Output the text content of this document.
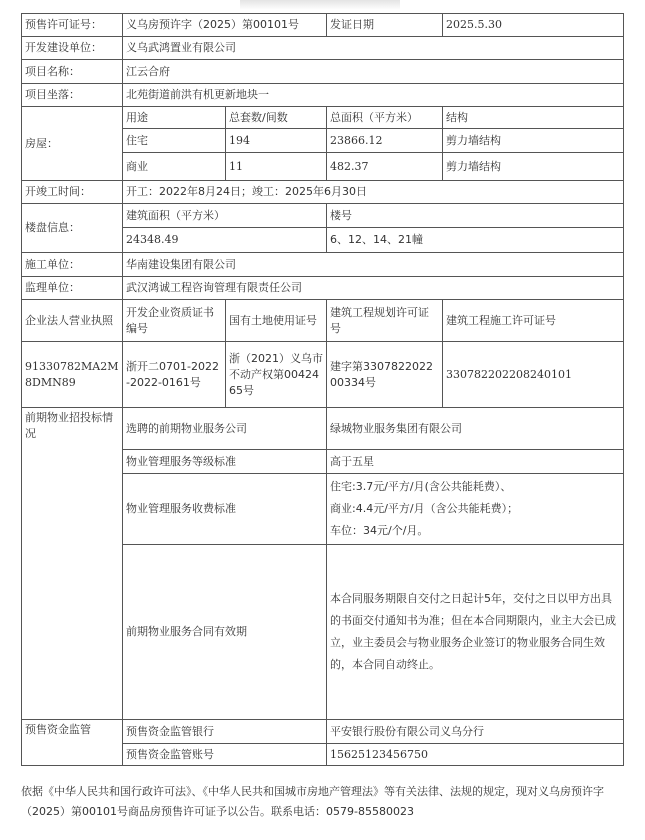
预售许可证号：	义乌房预许字（2025）第00101号		发证日期	2025.5.30
开发建设单位：	义乌武鸿置业有限公司			
项目名称：	江云合府			
项目坐落：	北苑街道前洪有机更新地块一			
房屋：	用途	总套数/间数	总面积（平方米）	结构
	住宅	194	23866.12	剪力墙结构
	商业	11	482.37	剪力墙结构
开竣工时间：	开工：2022年8月24日；竣工：2025年6月30日			
楼盘信息：	建筑面积（平方米）		楼号	
	24348.49		6、12、14、21幢	
施工单位：	华南建设集团有限公司			
监理单位：	武汉鸿诚工程咨询管理有限责任公司			
企业法人营业执照	开发企业资质证书编号	国有土地使用证号	建筑工程规划许可证号	建筑工程施工许可证号
91330782MA2M8DMN89	浙开二0701-2022-2022-0161号	浙（2021）义乌市不动产权第0042465号	建字第330782202200334号	330782202208240101
前期物业招投标情况	选聘的前期物业服务公司		绿城物业服务集团有限公司	
	物业管理服务等级标准		高于五星	
	物业管理服务收费标准		住宅:3.7元/平方/月(含公共能耗费）、
商业:4.4元/平方/月（含公共能耗费）；
车位：34元/个/月。	

	前期物业服务合同有效期		本合同服务期限自交付之日起计5年，交付之日以甲方出具的书面交付通知书为准；但在本合同期限内，业主大会已成立，业主委员会与物业服务企业签订的物业服务合同生效的，本合同自动终止。	
预售资金监管	预售资金监管银行		平安银行股份有限公司义乌分行	
	预售资金监管账号		15625123456750	
依据《中华人民共和国行政许可法》、《中华人民共和国城市房地产管理法》等有关法律、法规的规定，现对义乌房预许字（2025）第00101号商品房预售许可证予以公告。联系电话：0579-85580023
